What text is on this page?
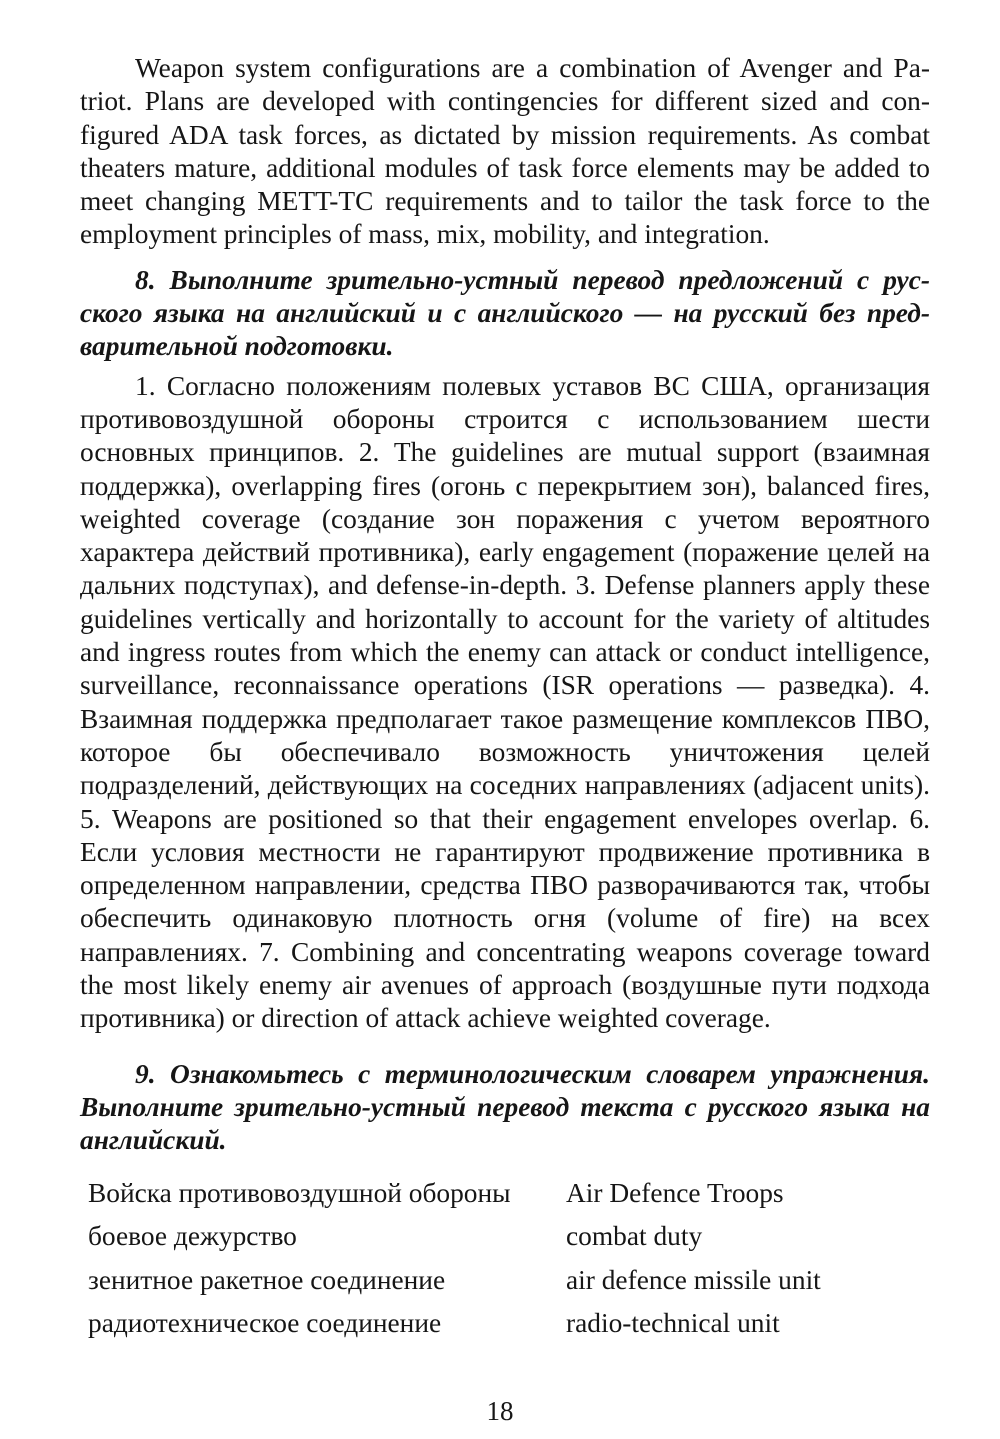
Weapon system configurations are a combination of Avenger and Patriot. Plans are developed with contingencies for different sized and configured ADA task forces, as dictated by mission requirements. As combat theaters mature, additional modules of task force elements may be added to meet changing METT-TC requirements and to tailor the task force to the employment principles of mass, mix, mobility, and integration.

8. Выполните зрительно-устный перевод предложений с русского языка на английский и с английского — на русский без предварительной подготовки.

1. Согласно положениям полевых уставов ВС США, организация противовоздушной обороны строится с использованием шести основных принципов. 2. The guidelines are mutual support (взаимная поддержка), overlapping fires (огонь с перекрытием зон), balanced fires, weighted coverage (создание зон поражения с учетом вероятного характера действий противника), early engagement (поражение целей на дальних подступах), and defense-in-depth. 3. Defense planners apply these guidelines vertically and horizontally to account for the variety of altitudes and ingress routes from which the enemy can attack or conduct intelligence, surveillance, reconnaissance operations (ISR operations — разведка). 4. Взаимная поддержка предполагает такое размещение комплексов ПВО, которое бы обеспечивало возможность уничтожения целей подразделений, действующих на соседних направлениях (adjacent units). 5. Weapons are positioned so that their engagement envelopes overlap. 6. Если условия местности не гарантируют продвижение противника в определенном направлении, средства ПВО разворачиваются так, чтобы обеспечить одинаковую плотность огня (volume of fire) на всех направлениях. 7. Combining and concentrating weapons coverage toward the most likely enemy air avenues of approach (воздушные пути подхода противника) or direction of attack achieve weighted coverage.

9. Ознакомьтесь с терминологическим словарем упражнения. Выполните зрительно-устный перевод текста с русского языка на английский.

Войска противовоздушной обороны	Air Defence Troops
боевое дежурство	combat duty
зенитное ракетное соединение	air defence missile unit
радиотехническое соединение	radio-technical unit
18
